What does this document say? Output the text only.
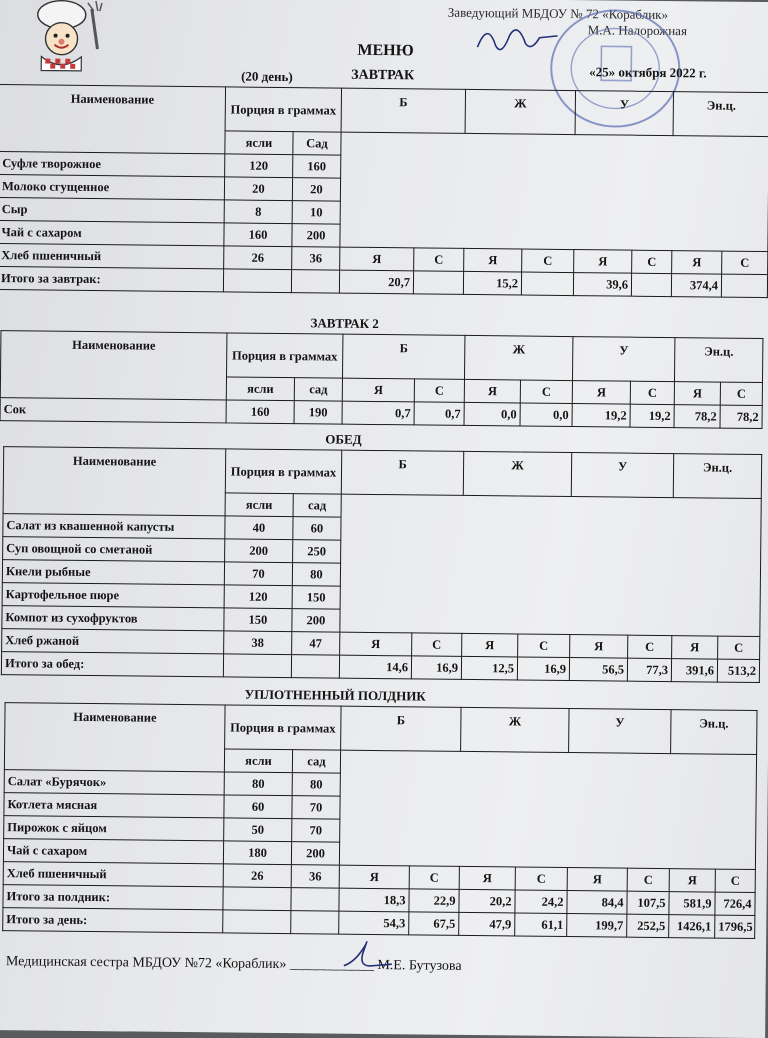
Заведующий МБДОУ № 72 «Кораблик»
М.А. Налорожная
МЕНЮ
(20 день)	ЗАВТРАК	«25» октября 2022 г.
Наименование	Порция в граммах		Б		Ж		У		Эн.ц.	
	ясли	Сад								
Суфле творожное	120	160								
Молоко сгущенное	20	20								
Сыр	8	10								
Чай с сахаром	160	200								
Хлеб пшеничный	26	36	Я	С	Я	С	Я	С	Я	С
Итого за завтрак:			20,7		15,2		39,6		374,4	
ЗАВТРАК 2
Наименование	Порция в граммах		Б		Ж		У		Эн.ц.	
	ясли	сад	Я	С	Я	С	Я	С	Я	С
Сок	160	190	0,7	0,7	0,0	0,0	19,2	19,2	78,2	78,2
ОБЕД
Наименование	Порция в граммах		Б		Ж		У		Эн.ц.	
	ясли	сад								
Салат из квашенной капусты	40	60								
Суп овощной со сметаной	200	250								
Кнели рыбные	70	80								
Картофельное пюре	120	150								
Компот из сухофруктов	150	200								
Хлеб ржаной	38	47	Я	С	Я	С	Я	С	Я	С
Итого за обед:			14,6	16,9	12,5	16,9	56,5	77,3	391,6	513,2
УПЛОТНЕННЫЙ ПОЛДНИК
Наименование	Порция в граммах		Б		Ж		У		Эн.ц.	
	ясли	сад								
Салат «Бурячок»	80	80								
Котлета мясная	60	70								
Пирожок с яйцом	50	70								
Чай с сахаром	180	200								
Хлеб пшеничный	26	36	Я	С	Я	С	Я	С	Я	С
Итого за полдник:			18,3	22,9	20,2	24,2	84,4	107,5	581,9	726,4
Итого за день:			54,3	67,5	47,9	61,1	199,7	252,5	1426,1	1796,5
Медицинская сестра МБДОУ №72 «Кораблик» ____________ М.Е. Бутузова
